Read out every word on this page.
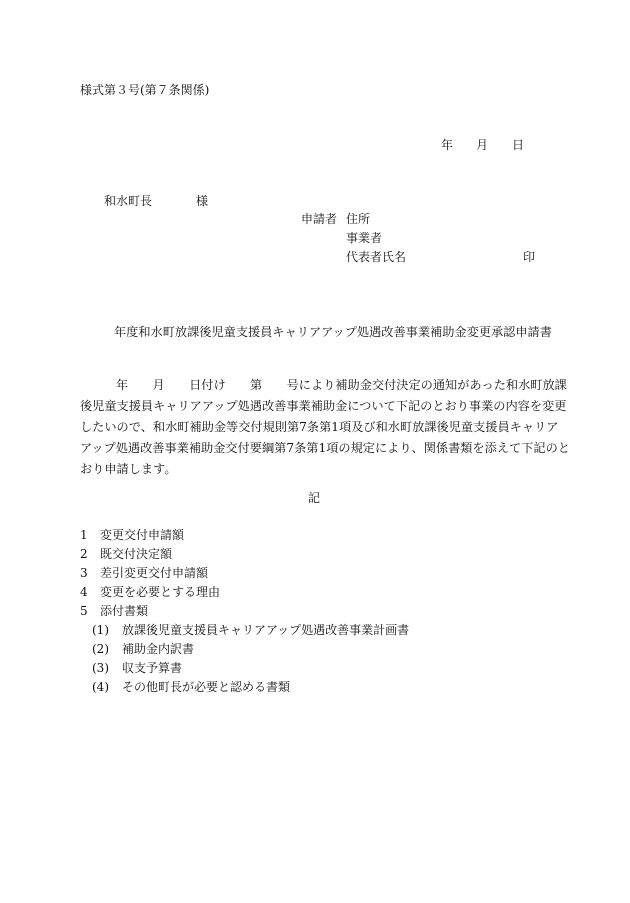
様式第３号(第７条関係)
年 月 日
和水町長	様
申請者 住所
事業者
代表者氏名	印
年度和水町放課後児童支援員キャリアアップ処遇改善事業補助金変更承認申請書
年　　月　　日付け　　第　　号により補助金交付決定の通知があった和水町放課
後児童支援員キャリアアップ処遇改善事業補助金について下記のとおり事業の内容を変更
したいので、和水町補助金等交付規則第7条第1項及び和水町放課後児童支援員キャリア
アップ処遇改善事業補助金交付要綱第7条第1項の規定により、関係書類を添えて下記のと
おり申請します。
記
1 変更交付申請額
2 既交付決定額
3 差引変更交付申請額
4 変更を必要とする理由
5 添付書類
(1) 放課後児童支援員キャリアアップ処遇改善事業計画書
(2) 補助金内訳書
(3) 収支予算書
(4) その他町長が必要と認める書類
